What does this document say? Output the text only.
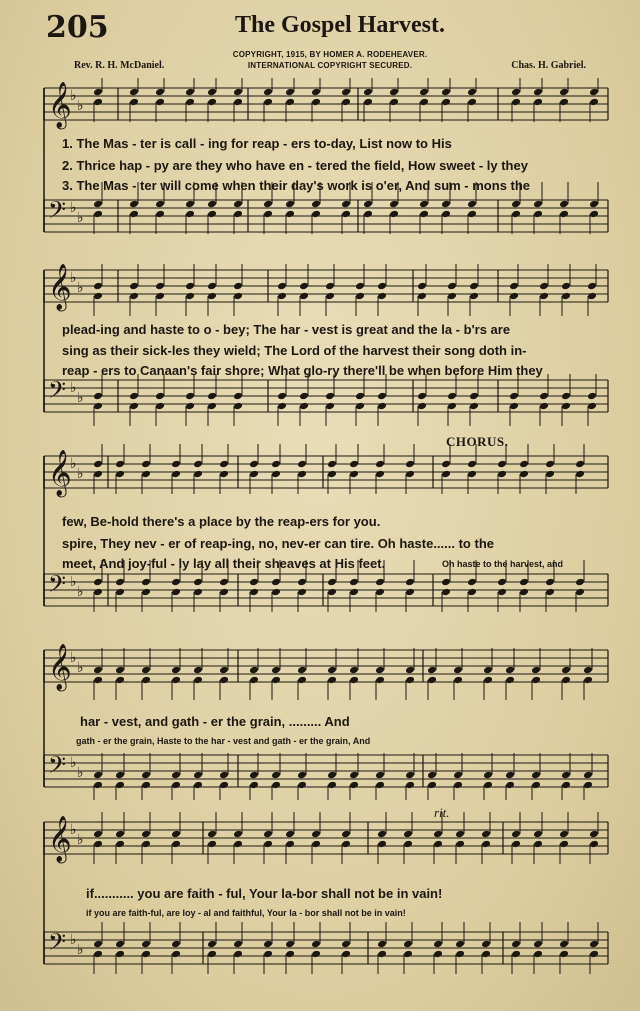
205	The Gospel Harvest.
COPYRIGHT, 1915, BY HOMER A. RODEHEAVER.
INTERNATIONAL COPYRIGHT SECURED.
Rev. R. H. McDaniel.	Chas. H. Gabriel.
𝄞
♭
♭
𝄢 ♭
♭
1. The Mas - ter is call - ing for reap - ers to-day, List now to His
2. Thrice hap - py are they who have en - tered the field, How sweet - ly they
3. The Mas - ter will come when their day's work is o'er, And sum - mons the
𝄞
♭
♭
𝄢 ♭
♭
plead-ing and haste to o - bey; The har - vest is great and the la - b'rs are
sing as their sick-les they wield; The Lord of the harvest their song doth in-
reap - ers to Canaan's fair shore; What glo-ry there'll be when before Him they
CHORUS.
𝄞
♭
♭
𝄢 ♭
♭
few, Be-hold there's a place by the reap-ers for you.
spire, They nev - er of reap-ing, no, nev-er can tire. Oh haste...... to the
meet, And joy-ful - ly lay all their sheaves at His feet.	Oh haste to the harvest, and
𝄞
♭
♭
𝄢 ♭
♭
har - vest, and gath - er the grain, ......... And
gath - er the grain, Haste to the har - vest and gath - er the grain, And
rit.
𝄞
♭
♭
𝄢 ♭
♭
if........... you are faith - ful, Your la-bor shall not be in vain!
if you are faith-ful, are loy - al and faithful, Your la - bor shall not be in vain!
